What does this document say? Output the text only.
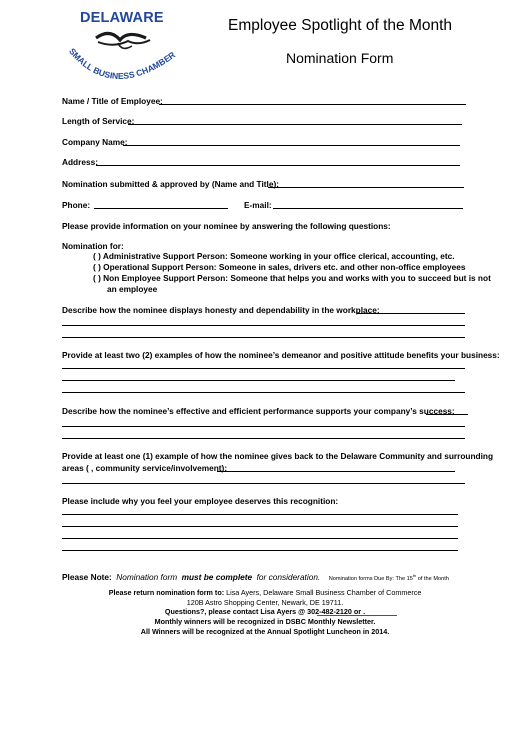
SMALL BUSINESS CHAMBER
DELAWARE	Employee Spotlight of the Month
Nomination Form
Name / Title of Employee:
Length of Service:
Company Name:
Address:
Nomination submitted & approved by (Name and Title):
Phone:	E-mail:
Please provide information on your nominee by answering the following questions:
Nomination for:
( ) Administrative Support Person: Someone working in your office clerical, accounting, etc.
( ) Operational Support Person: Someone in sales, drivers etc. and other non-office employees
( ) Non Employee Support Person: Someone that helps you and works with you to succeed but is not
an employee
Describe how the nominee displays honesty and dependability in the workplace:
Provide at least two (2) examples of how the nominee’s demeanor and positive attitude benefits your business:
Describe how the nominee’s effective and efficient performance supports your company’s success:
Provide at least one (1) example of how the nominee gives back to the Delaware Community and surrounding
areas ( , community service/involvement):
Please include why you feel your employee deserves this recognition:
Please Note: Nomination form must be complete for consideration. Nomination forms Due By: The 15th of the Month
Please return nomination form to: Lisa Ayers, Delaware Small Business Chamber of Commerce
120B Astro Shopping Center, Newark, DE 19711.
Questions?, please contact Lisa Ayers @ 302-482-2120 or .
Monthly winners will be recognized in DSBC Monthly Newsletter.
All Winners will be recognized at the Annual Spotlight Luncheon in 2014.
